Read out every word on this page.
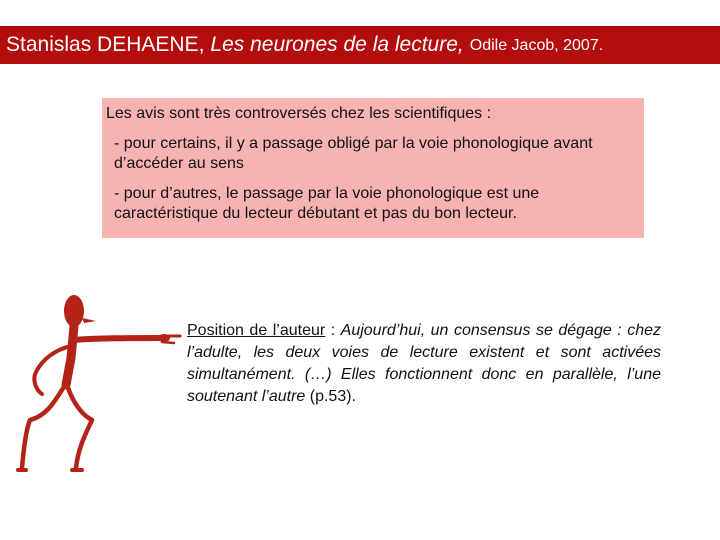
Stanislas DEHAENE, Les neurones de la lecture, Odile Jacob, 2007.

Les avis sont très controversés chez les scientifiques :

- pour certains, il y a passage obligé par la voie phonologique avant d’accéder au sens

- pour d’autres, le passage par la voie phonologique est une caractéristique du lecteur débutant et pas du bon lecteur.

Position de l’auteur : Aujourd’hui, un consensus se dégage : chez l’adulte, les deux voies de lecture existent et sont activées simultanément. (…) Elles fonctionnent donc en parallèle, l’une soutenant l’autre (p.53).
